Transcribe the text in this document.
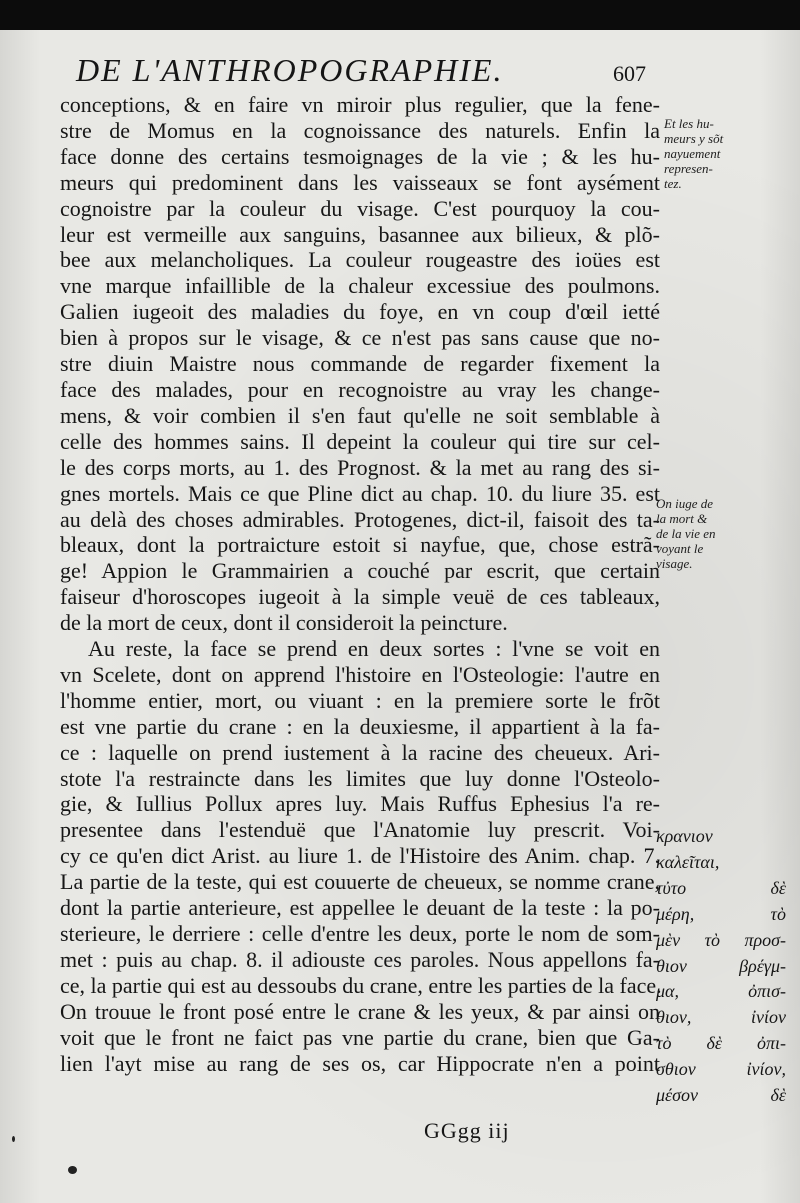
DE L'ANTHROPOGRAPHIE.	607
conceptions, & en faire vn miroir plus regulier, que la fene-
stre de Momus en la cognoissance des naturels. Enfin la
face donne des certains tesmoignages de la vie ; & les hu-
meurs qui predominent dans les vaisseaux se font aysément
cognoistre par la couleur du visage. C'est pourquoy la cou-
leur est vermeille aux sanguins, basannee aux bilieux, & plõ-
bee aux melancholiques. La couleur rougeastre des ioües est
vne marque infaillible de la chaleur excessiue des poulmons.
Galien iugeoit des maladies du foye, en vn coup d'œil ietté
bien à propos sur le visage, & ce n'est pas sans cause que no-
stre diuin Maistre nous commande de regarder fixement la
face des malades, pour en recognoistre au vray les change-
mens, & voir combien il s'en faut qu'elle ne soit semblable à
celle des hommes sains. Il depeint la couleur qui tire sur cel-
le des corps morts, au 1. des Prognost. & la met au rang des si-
gnes mortels. Mais ce que Pline dict au chap. 10. du liure 35. est
au delà des choses admirables. Protogenes, dict-il, faisoit des ta-
bleaux, dont la portraicture estoit si nayfue, que, chose estrã-
ge! Appion le Grammairien a couché par escrit, que certain
faiseur d'horoscopes iugeoit à la simple veuë de ces tableaux,
de la mort de ceux, dont il consideroit la peincture.
Au reste, la face se prend en deux sortes : l'vne se voit en
vn Scelete, dont on apprend l'histoire en l'Osteologie: l'autre en
l'homme entier, mort, ou viuant : en la premiere sorte le frõt
est vne partie du crane : en la deuxiesme, il appartient à la fa-
ce : laquelle on prend iustement à la racine des cheueux. Ari-
stote l'a restraincte dans les limites que luy donne l'Osteolo-
gie, & Iullius Pollux apres luy. Mais Ruffus Ephesius l'a re-
presentee dans l'estenduë que l'Anatomie luy prescrit. Voi-
cy ce qu'en dict Arist. au liure 1. de l'Histoire des Anim. chap. 7.
La partie de la teste, qui est couuerte de cheueux, se nomme crane,
dont la partie anterieure, est appellee le deuant de la teste : la po-
sterieure, le derriere : celle d'entre les deux, porte le nom de som-
met : puis au chap. 8. il adiouste ces paroles. Nous appellons fa-
ce, la partie qui est au dessoubs du crane, entre les parties de la face.
On trouue le front posé entre le crane & les yeux, & par ainsi on
voit que le front ne faict pas vne partie du crane, bien que Ga-
lien l'ayt mise au rang de ses os, car Hippocrate n'en a point
Et les hu-
meurs y sõt
nayuement
represen-
tez.
On iuge de
la mort &
de la vie en
voyant le
visage.
κρανιον
καλεῖται,
τὐτο δὲ
μέρη, τὸ
μὲν τὸ προσ-
θιον βρέγμ-
μα, ὀπισ-
θιον, ἰνίον
τὸ δὲ ὀπι-
σθιον ἰνίον,
μέσον δὲ
GGgg iij
